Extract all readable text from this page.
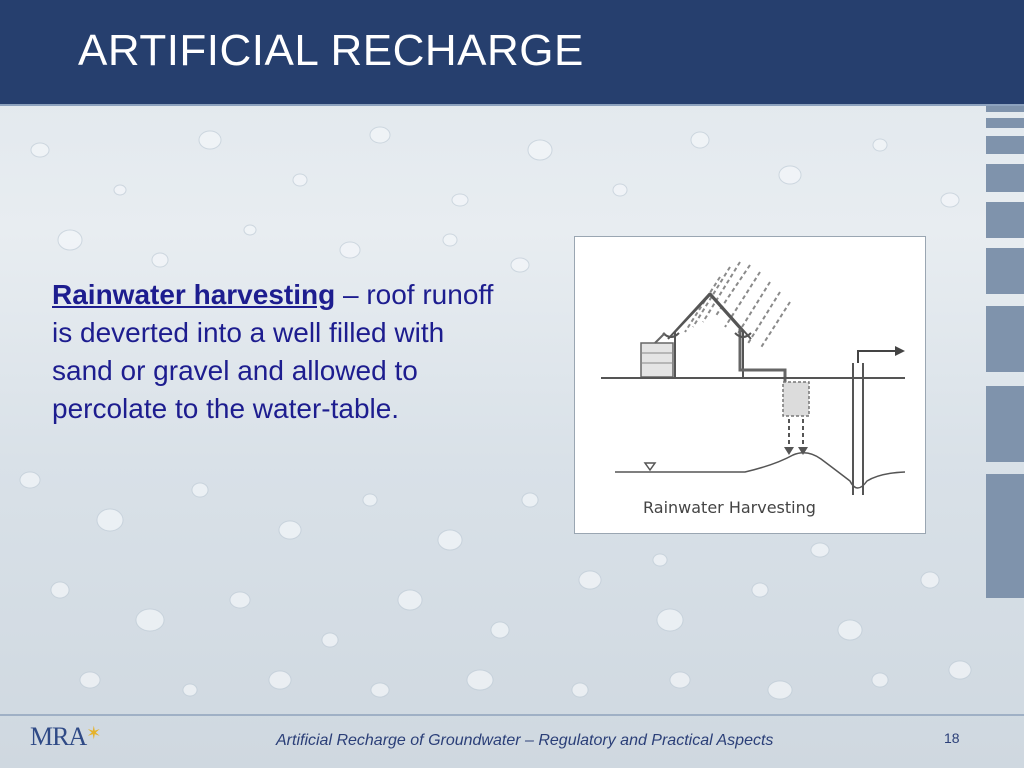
ARTIFICIAL RECHARGE
Rainwater harvesting – roof runoff is deverted into a well filled with sand or gravel and allowed to percolate to the water-table.
Rainwater Harvesting
MRA✶	Artificial Recharge of Groundwater – Regulatory and Practical Aspects	18
